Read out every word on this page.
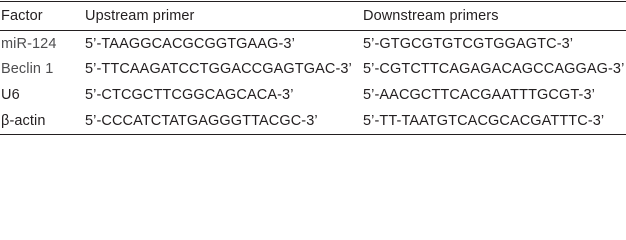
Factor	Upstream primer	Downstream primers
miR-124	5’-TAAGGCACGCGGTGAAG-3’	5’-GTGCGTGTCGTGGAGTC-3’
Beclin 1	5’-TTCAAGATCCTGGACCGAGTGAC-3’	5’-CGTCTTCAGAGACAGCCAGGAG-3’
U6	5’-CTCGCTTCGGCAGCACA-3’	5’-AACGCTTCACGAATTTGCGT-3’
β-actin	5’-CCCATCTATGAGGGTTACGC-3’	5’-TT-TAATGTCACGCACGATTTC-3’
